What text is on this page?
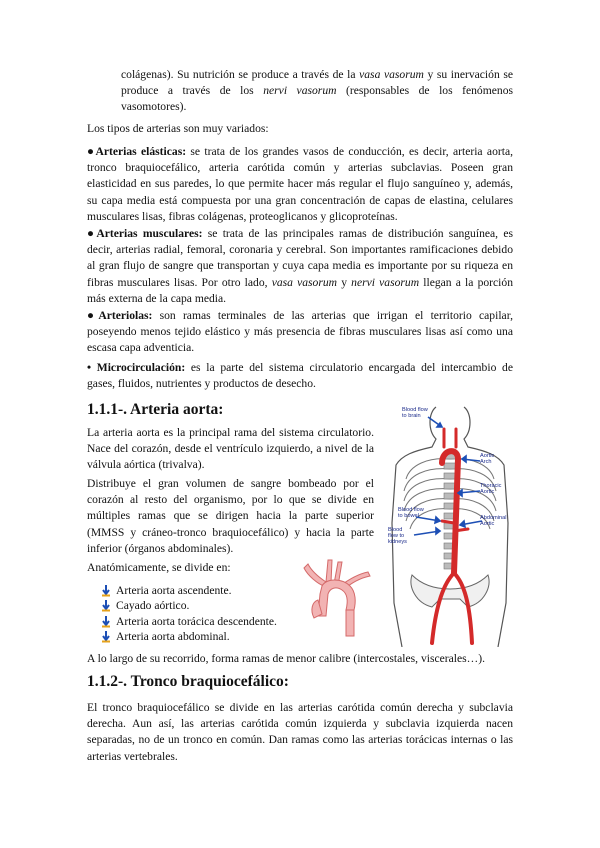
colágenas). Su nutrición se produce a través de la vasa vasorum y su inervación se produce a través de los nervi vasorum (responsables de los fenómenos vasomotores).

Los tipos de arterias son muy variados:

●Arterias elásticas: se trata de los grandes vasos de conducción, es decir, arteria aorta, tronco braquiocefálico, arteria carótida común y arterias subclavias. Poseen gran elasticidad en sus paredes, lo que permite hacer más regular el flujo sanguíneo y, además, su capa media está compuesta por una gran concentración de capas de elastina, celulares musculares lisas, fibras colágenas, proteoglicanos y glicoproteínas.

●Arterias musculares: se trata de las principales ramas de distribución sanguínea, es decir, arterias radial, femoral, coronaria y cerebral. Son importantes ramificaciones debido al gran flujo de sangre que transportan y cuya capa media es importante por su riqueza en fibras musculares lisas. Por otro lado, vasa vasorum y nervi vasorum llegan a la porción más externa de la capa media.

●Arteriolas: son ramas terminales de las arterias que irrigan el territorio capilar, poseyendo menos tejido elástico y más presencia de fibras musculares lisas así como una escasa capa adventicia.

• Microcirculación: es la parte del sistema circulatorio encargada del intercambio de gases, fluidos, nutrientes y productos de desecho.

1.1.1-. Arteria aorta:

La arteria aorta es la principal rama del sistema circulatorio. Nace del corazón, desde el ventrículo izquierdo, a nivel de la válvula aórtica (trivalva).

Distribuye el gran volumen de sangre bombeado por el corazón al resto del organismo, por lo que se divide en múltiples ramas que se dirigen hacia la parte superior (MMSS y cráneo-tronco braquiocefálico) y hacia la parte inferior (órganos abdominales).

Anatómicamente, se divide en:

Arteria aorta ascendente.
Cayado aórtico.
Arteria aorta torácica descendente.
Arteria aorta abdominal.

A lo largo de su recorrido, forma ramas de menor calibre (intercostales, viscerales…).

1.1.2-. Tronco braquiocefálico:

El tronco braquiocefálico se divide en las arterias carótida común derecha y subclavia derecha. Aun así, las arterias carótida común izquierda y subclavia izquierda nacen separadas, no de un tronco en común. Dan ramas como las arterias torácicas internas o las arterias vertebrales.

Blood flow to brain
Aortic Arch
Thoracic Aortic
Blood flow to bowel	Abdominal Aortic
Blood flow to kidneys
